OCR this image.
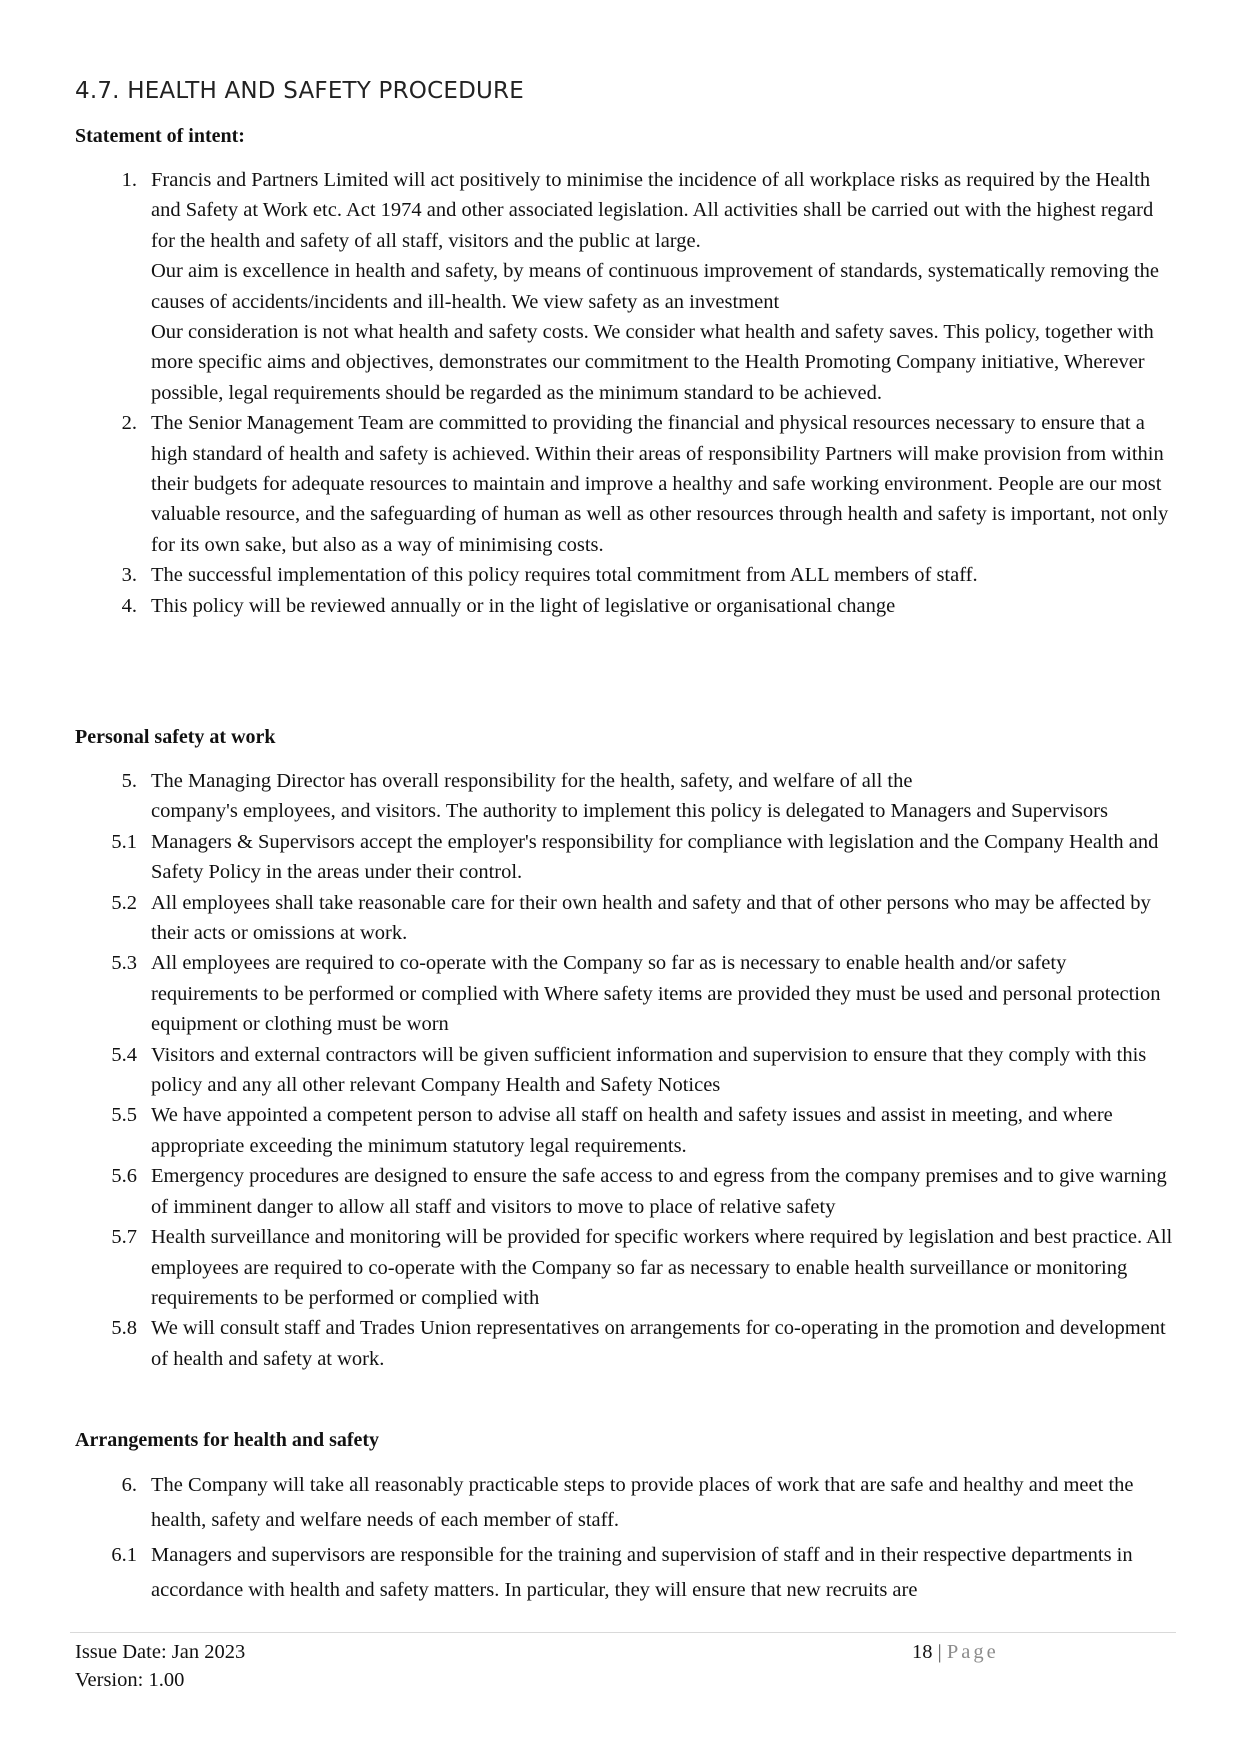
4.7. HEALTH AND SAFETY PROCEDURE

Statement of intent:

1. Francis and Partners Limited will act positively to minimise the incidence of all workplace risks as required by the Health and Safety at Work etc. Act 1974 and other associated legislation. All activities shall be carried out with the highest regard for the health and safety of all staff, visitors and the public at large.
Our aim is excellence in health and safety, by means of continuous improvement of standards, systematically removing the causes of accidents/incidents and ill-health. We view safety as an investment
Our consideration is not what health and safety costs. We consider what health and safety saves. This policy, together with more specific aims and objectives, demonstrates our commitment to the Health Promoting Company initiative, Wherever possible, legal requirements should be regarded as the minimum standard to be achieved.
2. The Senior Management Team are committed to providing the financial and physical resources necessary to ensure that a high standard of health and safety is achieved. Within their areas of responsibility Partners will make provision from within their budgets for adequate resources to maintain and improve a healthy and safe working environment. People are our most valuable resource, and the safeguarding of human as well as other resources through health and safety is important, not only for its own sake, but also as a way of minimising costs.
3. The successful implementation of this policy requires total commitment from ALL members of staff.
4. This policy will be reviewed annually or in the light of legislative or organisational change

Personal safety at work

5. The Managing Director has overall responsibility for the health, safety, and welfare of all the
company's employees, and visitors. The authority to implement this policy is delegated to Managers and Supervisors
5.1 Managers & Supervisors accept the employer's responsibility for compliance with legislation and the Company Health and Safety Policy in the areas under their control.
5.2 All employees shall take reasonable care for their own health and safety and that of other persons who may be affected by their acts or omissions at work.
5.3 All employees are required to co-operate with the Company so far as is necessary to enable health and/or safety requirements to be performed or complied with Where safety items are provided they must be used and personal protection equipment or clothing must be worn
5.4 Visitors and external contractors will be given sufficient information and supervision to ensure that they comply with this policy and any all other relevant Company Health and Safety Notices
5.5 We have appointed a competent person to advise all staff on health and safety issues and assist in meeting, and where appropriate exceeding the minimum statutory legal requirements.
5.6 Emergency procedures are designed to ensure the safe access to and egress from the company premises and to give warning of imminent danger to allow all staff and visitors to move to place of relative safety
5.7 Health surveillance and monitoring will be provided for specific workers where required by legislation and best practice. All employees are required to co-operate with the Company so far as necessary to enable health surveillance or monitoring requirements to be performed or complied with
5.8 We will consult staff and Trades Union representatives on arrangements for co-operating in the promotion and development of health and safety at work.

Arrangements for health and safety

6. The Company will take all reasonably practicable steps to provide places of work that are safe and healthy and meet the health, safety and welfare needs of each member of staff.
6.1 Managers and supervisors are responsible for the training and supervision of staff and in their respective departments in accordance with health and safety matters. In particular, they will ensure that new recruits are
Issue Date: Jan 2023
Version: 1.00
18 | Page
